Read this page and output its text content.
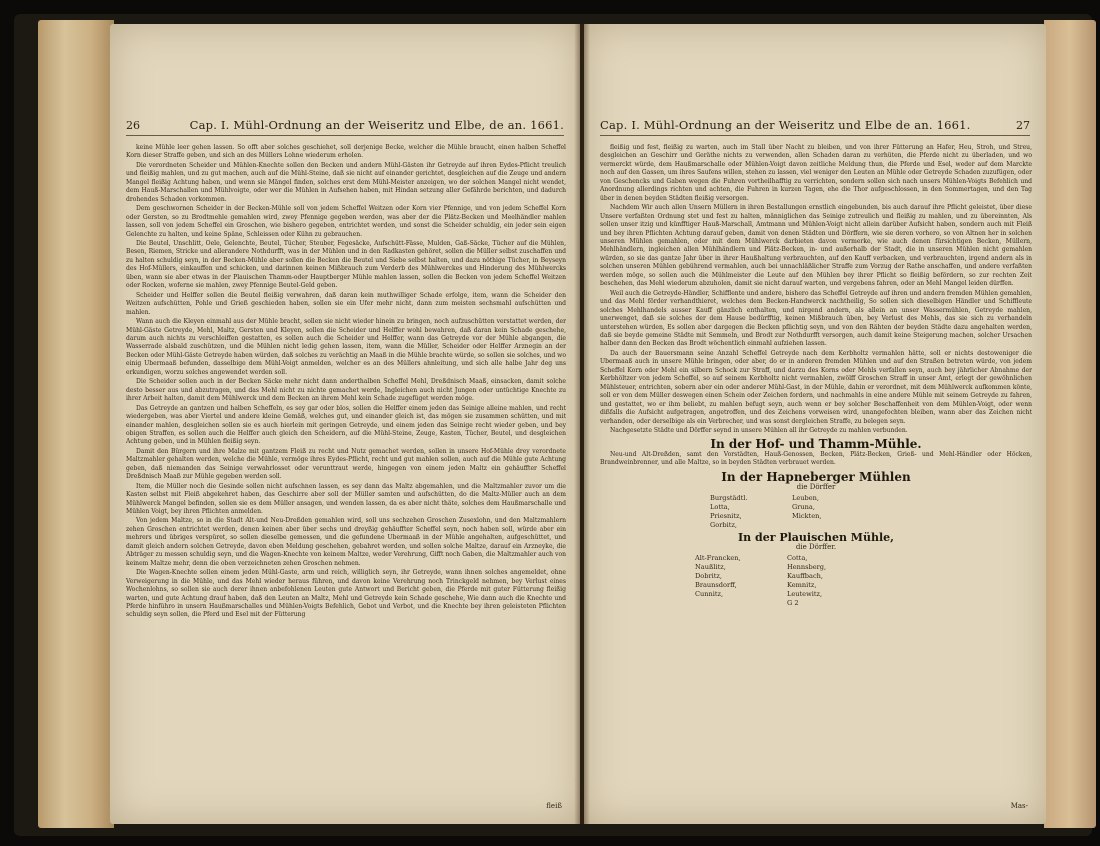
26	Cap. I. Mühl-Ordnung an der Weiseritz und Elbe, de an. 1661.

keine Mühle leer gehen lassen. So offt aber solches geschiehet, soll derjenige Becke, welcher die Mühle braucht, einen halben Scheffel Korn dieser Straffe geben, und sich an des Müllers Lohne wiederum erholen.

Die verordneten Scheider und Mühlen-Knechte sollen den Becken und andern Mühl-Gästen ihr Getreyde auf ihren Eydes-Pflicht treulich und fleißig mahlen, und zu gut machen, auch auf die Mühl-Steine, daß sie nicht auf einander gerichtet, desgleichen auf die Zeuge und andern Mangel fleißig Achtung haben, und wenn sie Mängel finden, solches erst dem Mühl-Meister anzeigen, wo der solchen Mangel nicht wendet, dem Hauß-Marschallen und Mühlvoigte, oder wer die Mühlen in Aufsehen haben, mit Hindan setzung aller Gefährde berichten, und dadurch drohendes Schaden vorkommen.

Dem geschwornen Scheider in der Becken-Mühle soll von jedem Scheffel Weitzen oder Korn vier Pfennige, und von jedem Scheffel Korn oder Gersten, so zu Brodtmehle gemahlen wird, zwey Pfennige gegeben werden, was aber der die Plätz-Becken und Meelhändler mahlen lassen, soll von jedem Scheffel ein Groschen, wie bishero gegeben, entrichtet werden, und sonst die Scheider schuldig, ein jeder sein eigen Gelenchte zu halten, und keine Späne, Schleissen oder Kühn zu gebrauchen.

Die Beutel, Unschlitt, Oele, Gelenchte, Beutel, Tücher, Steuber, Fegesäcke, Aufschütt-Fässe, Mulden, Gaß-Säcke, Tücher auf die Mühlen, Besen, Riemen, Stricke und allerandere Nothdurfft, was in der Mühlen und in den Radkasten gehöret, sollen die Müller selbst zuschaffen und zu halten schuldig seyn, in der Becken-Mühle aber sollen die Becken die Beutel und Siebe selbst halten, und dazu nöthige Tücher, in Beyseyn des Hof-Müllers, einkauffen und schicken, und darinnen keinen Mißbrauch zum Verderb des Mühlwerckes und Hinderung des Mühlwercks üben, wann sie aber etwas in der Plauischen Thamm-oder Hauptberger Mühle mahlen lassen, sollen die Becken von jedem Scheffel Weitzen oder Rocken, woferne sie mahlen, zwey Pfennige Beutel-Geld geben.

Scheider und Helffer sollen die Beutel fleißig verwahren, daß daran kein muthwilliger Schade erfolge, item, wann die Scheider den Weitzen aufschütten, Pohle und Grieß geschieden haben, sollen sie ein Ufer mehr nicht, dann zum meisten sechsmahl aufschütten und mahlen.

Wann auch die Kleyen einmahl aus der Mühle bracht, sollen sie nicht wieder hinein zu bringen, noch aufzuschütten verstattet werden, der Mühl-Gäste Getreyde, Mehl, Maltz, Gersten und Kleyen, sollen die Scheider und Helffer wohl bewahren, daß daran kein Schade geschehe, darum auch nichts zu verschleiffen gestatten, es sollen auch die Scheider und Helffer, wann das Getreyde vor der Mühle abgangen, die Wasserrade alsbald zuschützen, und die Mühlen nicht ledig gehen lassen, item, wann die Müller, Scheider oder Helffer Arznegin an der Becken oder Mühl-Gäste Getreyde haben würden, daß solches zu verächtig an Maaß in die Mühle brachte würde, so sollen sie solches, und wo einig Ubermaaß befunden, dasselbige dem Mühl-Voigt anmelden, welcher es an des Müllers ahnleitung, und sich alle halbe Jahr deg uns erkundigen, worzu solches angewendet werden soll.

Die Scheider sollen auch in der Becken Säcke mehr nicht dann anderthalben Scheffel Mehl, Dreßdnisch Maaß, einsacken, damit solche desto besser aus und abzutragen, und das Mehl nicht zu nichte gemachet werde, Ingleichen auch nicht Jungen oder untüchtige Knechte zu ihrer Arbeit halten, damit dem Mühlwerck und dem Becken an ihrem Mehl kein Schade zugefüget werden möge.

Das Getreyde an gantzen und halben Scheffeln, es sey gar oder blos, sollen die Helffer einem jeden das Seinige alleine mahlen, und recht wiedergeben, was aber Viertel und andere kleine Gemäß, welches gut, und einander gleich ist, das mögen sie zusammen schütten, und mit einander mahlen, desgleichen sollen sie es auch hierlein mit geringen Getreyde, und einem jeden das Seinige recht wieder geben, und bey obigen Straffen, es sollen auch die Helffer auch gleich den Scheidern, auf die Mühl-Steine, Zeuge, Kasten, Tücher, Beutel, und desgleichen Achtung geben, und in Mühlen fleißig seyn.

Damit den Bürgern und ihre Malze mit gantzem Fleiß zu recht und Nutz gemachet werden, sollen in unsere Hof-Mühle drey verordnete Maltzmahler gehalten werden, welche die Mühle, vermöge ihres Eydes-Pflicht, recht und gut mahlen sollen, auch auf die Mühle gute Achtung geben, daß niemanden das Seinige verwahrlosset oder verunttraut werde, hingegen von einem jeden Maltz ein gehäuffter Scheffel Dreßdnisch Maaß zur Mühle gegeben werden soll.

Item, die Müller noch die Gesinde sollen nicht aufschnen lassen, es sey dann das Maltz abgemahlen, und die Maltzmahler zuvor um die Kasten selbst mit Fleiß abgekehret haben, das Geschirre aber soll der Müller samten und aufschütten, do die Maltz-Müller auch an dem Mühlwerck Mangel befinden, sollen sie es dem Müller ansagen, und wenden lassen, da es aber nicht thäte, solches dem Haußmarschalle und Mühlen Voigt, bey ihren Pflichten anmelden.

Von jedem Maltze, so in die Stadt Alt-und Neu-Dreßden gemahlen wird, soll uns sechzehen Groschen Zusexlohn, und den Maltzmahlern zehen Groschen entrichtet werden, denen keinen aber über sechs und dreyßig gehäuffter Scheffel seyn, noch haben soll, würde aber ein mehrers und übriges verspüret, so sollen dieselbe gemessen, und die gefundene Ubermaaß in der Mühle angehalten, aufgeschüttet, und damit gleich andern solchen Getreyde, davon eben Meldung geschehen, gebahret werden, und sollen solche Maltze, darauf ein Arzneyke, die Abträger zu messen schuldig seyn, und die Wagen-Knechte von keinem Maltze, weder Verehrung, Gifft noch Gaben, die Maltzmahler auch von keinem Maltze mehr, denn die oben verzeichneten zehen Groschen nehmen.

Die Wagen-Knechte sollen einem jeden Mühl-Gaste, arm und reich, williglich seyn, ihr Getreyde, wann ihnen solches angemeldet, ohne Verweigerung in die Mühle, und das Mehl wieder heraus führen, und davon keine Verehrung noch Trinckgeld nehmen, bey Verlust eines Wochenlohns, so sollen sie auch derer ihnen anbefohlenen Leuten gute Antwort und Bericht geben, die Pferde mit guter Fütterung fleißig warten, und gute Achtung drauf haben, daß den Leuten an Maltz, Mehl und Getreyde kein Schade geschehe, Wie dann auch die Knechte und Pferde hinführo in unsern Haußmarschalles und Mühlen-Voigts Befehlich, Gebot und Verbot, und die Knechte bey ihren geleisteten Pflichten schuldig seyn sollen, die Pferd und Esel mit der Fütterung

fleiß
Cap. I. Mühl-Ordnung an der Weiseritz und Elbe de an. 1661.	27

fleißig und fest, fleißig zu warten, auch im Stall über Nacht zu bleiben, und von ihrer Fütterung an Hafer, Heu, Stroh, und Streu, desgleichen an Geschirr und Geräthe nichts zu verwenden, allen Schaden daran zu verhüten, die Pferde nicht zu überladen, und wo vermerckt würde, dem Haußmarschalle oder Mühlen-Voigt davon zeitliche Meldung thun, die Pferde und Esel, weder auf dem Marckte noch auf den Gassen, um ihres Saufens willen, stehen zu lassen, viel weniger den Leuten an Mühle oder Getreyde Schaden zuzufügen, oder von Geschencks und Gaben wegen die Fuhren vortheilhafftig zu verrichten, sondern sollen sich nach unsers Mühlen-Voigts Befehlich und Anordnung allerdings richten und achten, die Fuhren in kurzen Tagen, ehe die Thor aufgeschlossen, in den Sommertagen, und den Tag über in denen beyden Städten fleißig versorgen.

Nachdem Wir auch allen Unsern Müllern in ihren Bestallungen ernstlich eingebunden, bis auch darauf ihre Pflicht geleistet, über diese Unsere verfaßten Ordnung stet und fest zu halten, männiglichen das Seinige zutreulich und fleißig zu mahlen, und zu übereinnten, Als sollen unser itzig und künfftiger Hauß-Marschall, Amtmann und Mühlen-Voigt nicht allein darüber Aufsicht haben, sondern auch mit Fleiß und bey ihren Pflichten Achtung darauf geben, damit von denen Städten und Dörffern, wie sie deren vorhero, so von Altnen her in solchen unseren Mühlen gemahlen, oder mit dem Mühlwerck darbieten davon vermerke, wie auch denen fürsichtigen Becken, Müllern, Mehlhändlern, ingleichen allen Mühlhändlern und Plätz-Becken, in- und außerhalb der Stadt, die in unseren Mühlen nicht gemahlen würden, so sie das gantze Jahr über in ihrer Haußhaltung verbrauchten, auf den Kauff verbacken, und verbrauchten, irgend andern als in solchen unseren Mühlen gebührend vermahlen, auch bei unnachläßlicher Straffe zum Vorzug der Rathe anschaffen, und andere verfaßten werden möge, so sollen auch die Mühlmeister die Leute auf den Mühlen bey ihrer Pflicht so fleißig befördern, so zur rechten Zeit beschehen, das Mehl wiederum abzuholen, damit sie nicht darauf warten, und vergebens fahren, oder an Mehl Mangel leiden dürffen.

Weil auch die Getreyde-Händler, Schifflente und andere, bishero das Scheffel Getreyde auf ihren und andern fremden Mühlen gemahlen, und das Mehl förder verhandthieret, welches dem Becken-Handwerck nachtheilig, So sollen sich dieselbigen Händler und Schiffleute solches Mehlhandels ausser Kauff gänzlich enthalten, und nirgend andern, als allein an unser Wassermühlen, Getreyde mahlen, unerwenget, daß sie solches der dem Hause bedürfftig, keinen Mißbrauch üben, bey Verlust des Mehls, das sie sich zu verhandeln unterstehen würden, Es sollen aber dargegen die Becken pflichtig seyn, und von den Rähten der beyden Städte dazu angehalten werden, daß sie beyde gemeine Städte mit Semmeln, und Brodt zur Nothdurfft versorgen, auch damit keine Steigerung machen, solcher Ursachen halber dann den Becken das Brodt wöchentlich einmahl aufziehen lassen.

Da auch der Bauersmann seine Anzahl Scheffel Getreyde nach dem Kerbholtz vermahlen hätte, soll er nichts destoweniger die Ubermaaß auch in unsere Mühle bringen, oder aber, do er in anderen fremden Mühlen und auf den Straßen betreten würde, von jedem Scheffel Korn oder Mehl ein silbern Schock zur Straff, und darzu des Korns oder Mehls verfallen seyn, auch bey jährlicher Abnahme der Kerbhöltzer von jedem Scheffel, so auf seinem Kerbholtz nicht vermahlen, zwölff Groschen Straff in unser Amt, erlegt der gewöhnlichen Mühlsteuer, entrichten, sobern aber ein oder anderer Mühl-Gast, in der Mühle, dahin er verordnet, mit dem Mühlwerck aufkommen könte, soll er von dem Müller deswegen einen Schein oder Zeichen fordern, und nachmahls in eine andere Mühle mit seinem Getreyde zu fahren, und gestattet, wo er ihm beliebt, zu mahlen befugt seyn, auch wenn er bey solcher Beschaffenheit von dem Mühlen-Voigt, oder wenn dißfalls die Aufsicht aufgetragen, angetroffen, und des Zeichens vorweisen wird, unangefochten bleiben, wann aber das Zeichen nicht verhanden, oder derselbige als ein Verbrecher, und was sonst dergleichen Straffe, zu belegen seyn.

Nachgesetzte Städte und Dörffer seynd in unsere Mühlen all ihr Getreyde zu mahlen verbunden.

In der Hof- und Thamm-Mühle.

Neu-und Alt-Dreßden, samt den Vorstädten, Hauß-Genossen, Becken, Plätz-Becken, Grieß- und Mehl-Händler oder Höcken, Brandweinbrenner, und alle Maltze, so in beyden Städten verbrauet werden.

In der Hapneberger Mühlen
die Dörffer
Burgstädtl.	Leuben,
Lotta,	Gruna,
Priesnitz,	Mickten,
Gorbitz,
In der Plauischen Mühle,
die Dörffer.
Alt-Francken,	Cotta,
Naußlitz,	Hennsberg,
Dobritz,	Kauffbach,
Braunsdorff,	Kemnitz,
Cunnitz,	Leutewitz,
G 2
Mas-
